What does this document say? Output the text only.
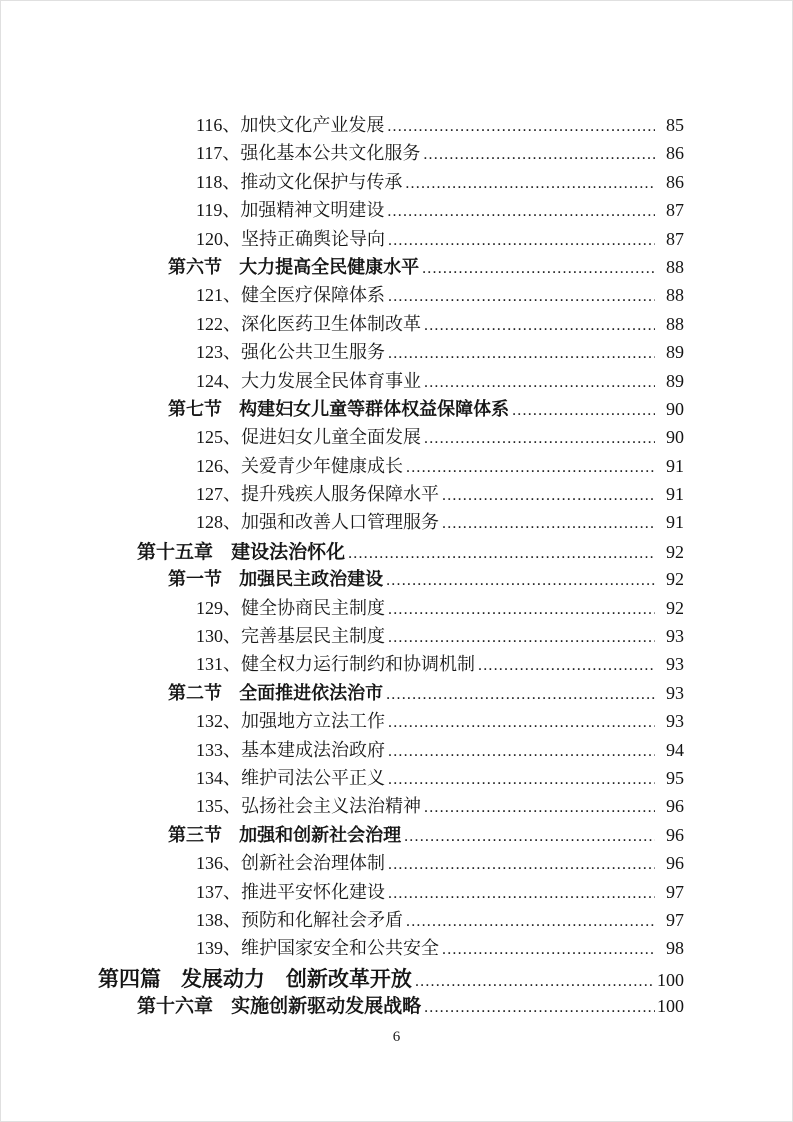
116、 加快文化产业发展 .....	85
117、 强化基本公共文化服务 .....	86
118、 推动文化保护与传承 .....	86
119、 加强精神文明建设 .....	87
120、 坚持正确舆论导向 .....	87
第六节 大力提高全民健康水平 .....	88
121、 健全医疗保障体系 .....	88
122、 深化医药卫生体制改革 .....	88
123、 强化公共卫生服务 .....	89
124、 大力发展全民体育事业 .....	89
第七节 构建妇女儿童等群体权益保障体系 .....	90
125、 促进妇女儿童全面发展 .....	90
126、 关爱青少年健康成长 .....	91
127、 提升残疾人服务保障水平 .....	91
128、 加强和改善人口管理服务 .....	91
第十五章 建设法治怀化 .....	92
第一节 加强民主政治建设 .....	92
129、 健全协商民主制度 .....	92
130、 完善基层民主制度 .....	93
131、 健全权力运行制约和协调机制 .....	93
第二节 全面推进依法治市 .....	93
132、 加强地方立法工作 .....	93
133、 基本建成法治政府 .....	94
134、 维护司法公平正义 .....	95
135、 弘扬社会主义法治精神 .....	96
第三节 加强和创新社会治理 .....	96
136、 创新社会治理体制 .....	96
137、 推进平安怀化建设 .....	97
138、 预防和化解社会矛盾 .....	97
139、 维护国家安全和公共安全 .....	98
第四篇 发展动力　创新改革开放 .....	100
第十六章 实施创新驱动发展战略 .....	100
6
